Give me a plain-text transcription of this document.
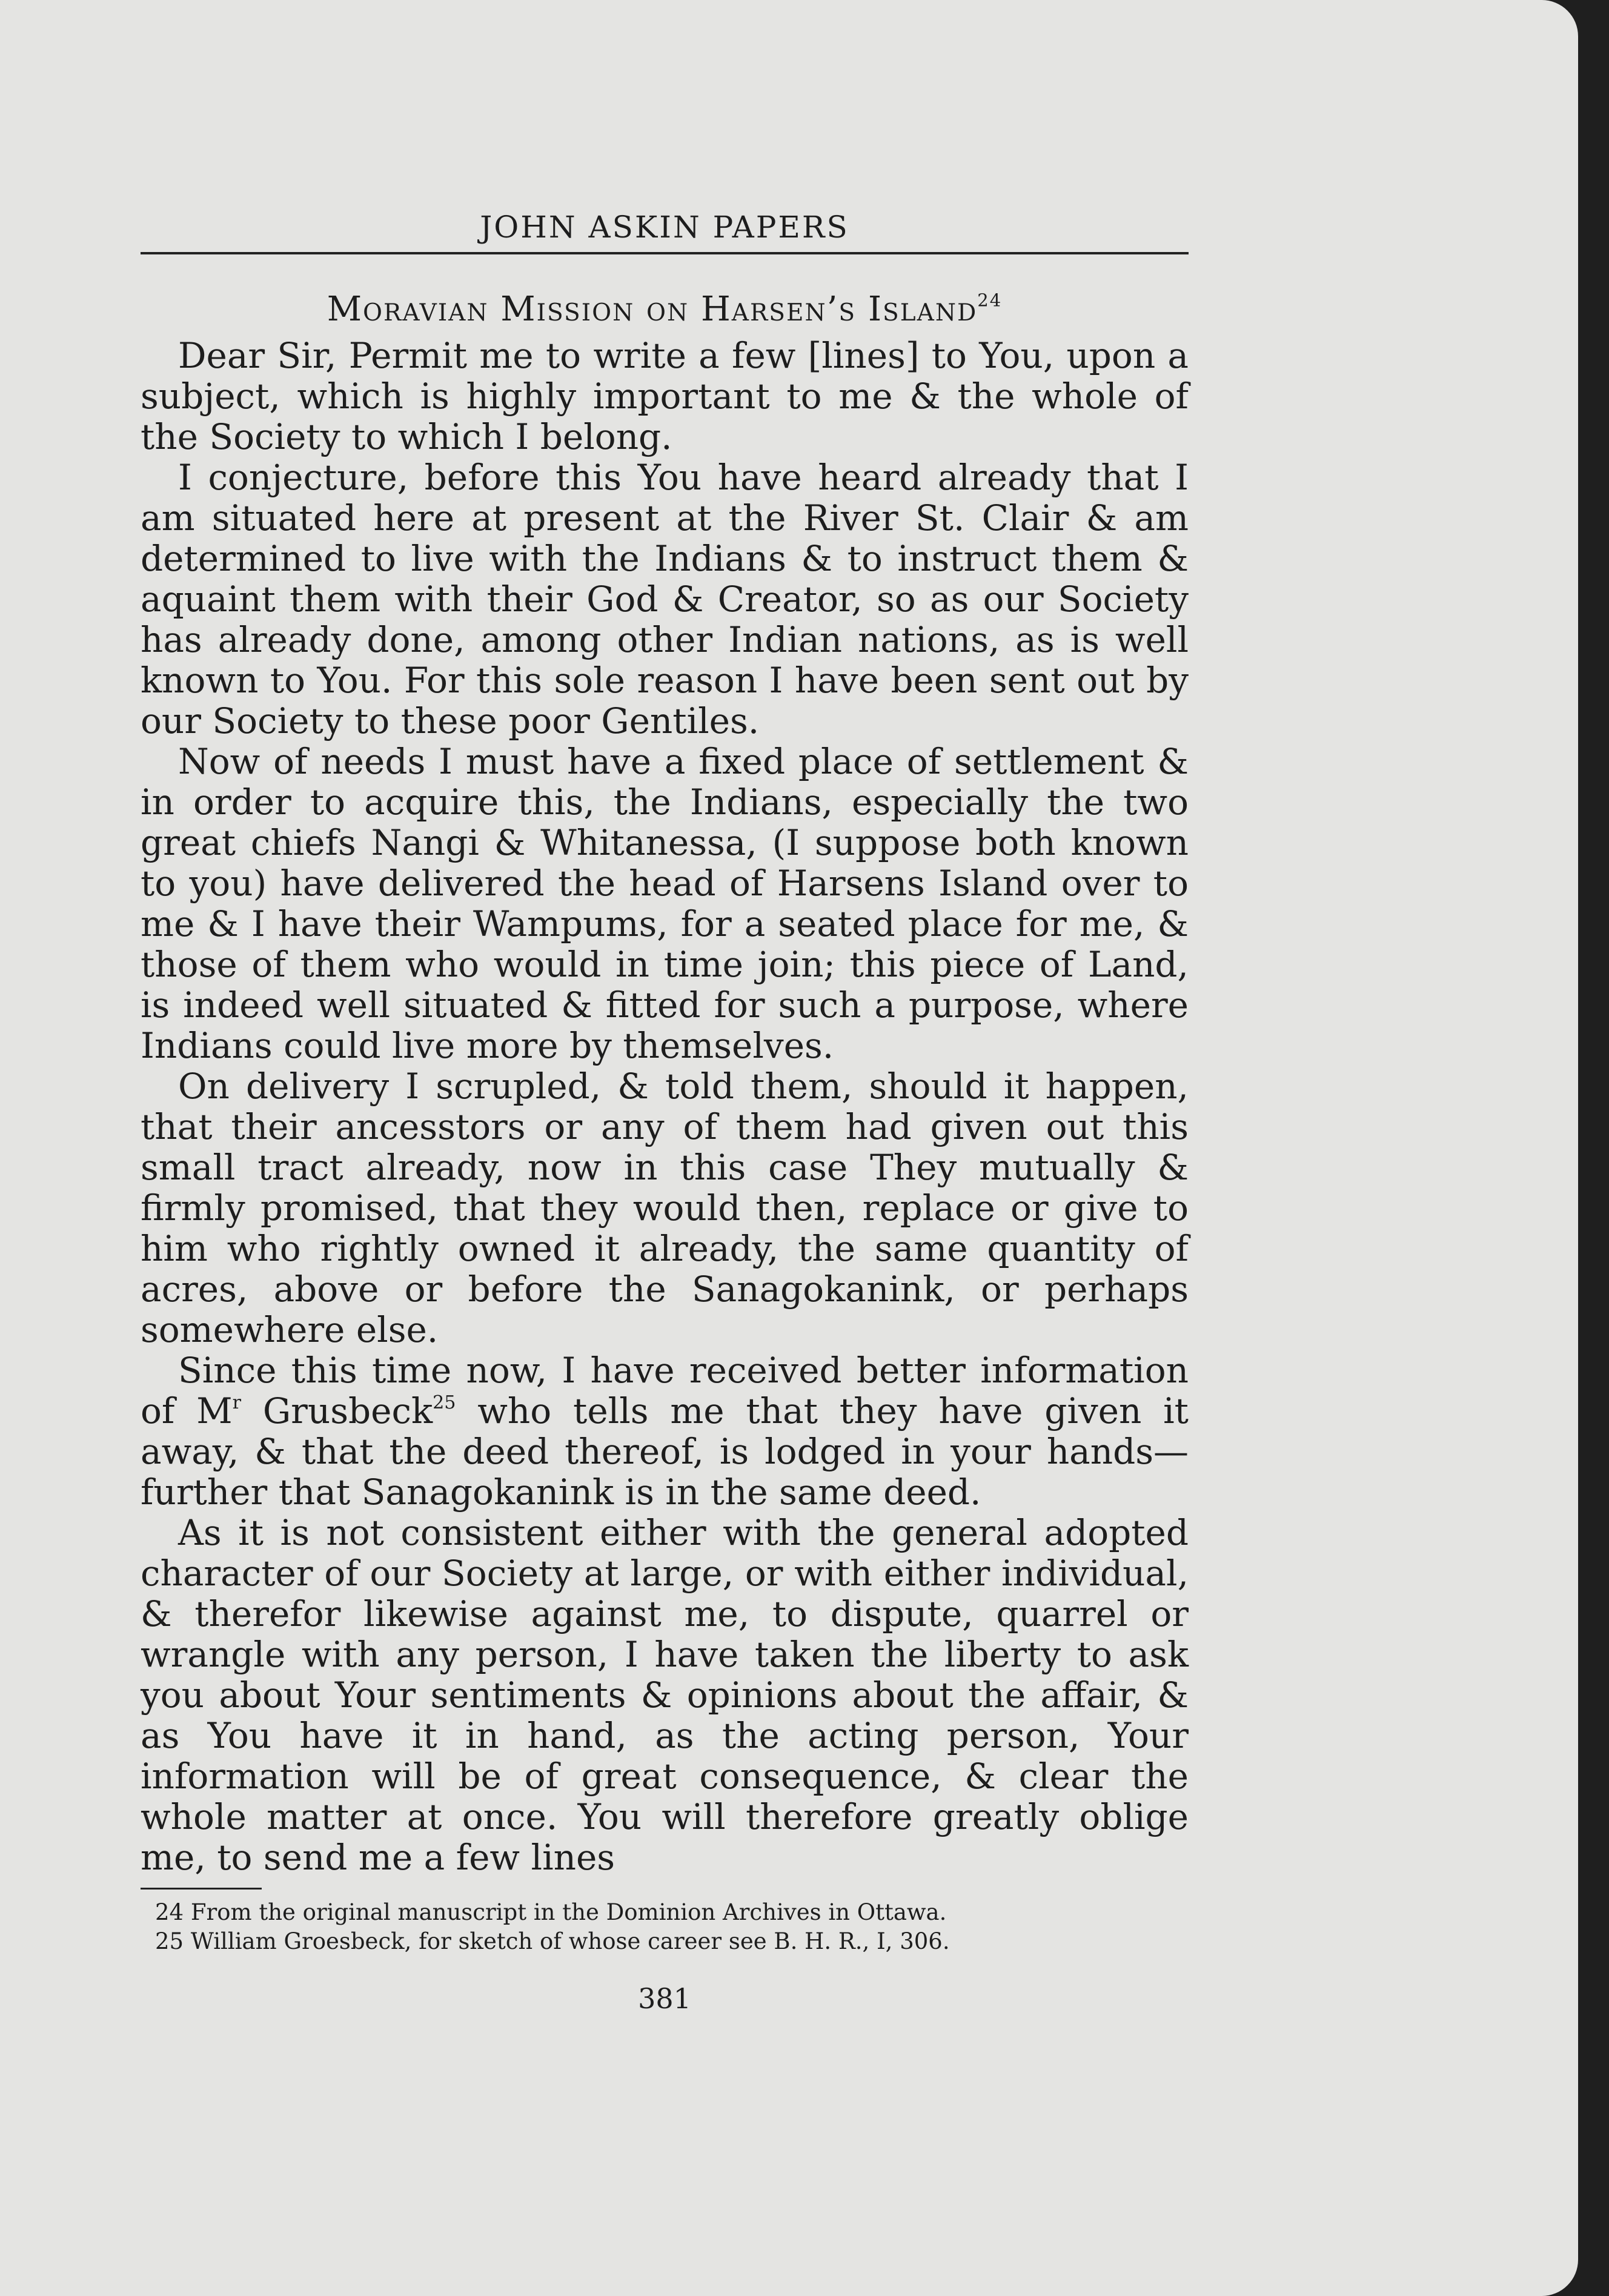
JOHN ASKIN PAPERS
Moravian Mission on Harsen’s Island$^{24}$

Dear Sir, Permit me to write a few [lines] to You, upon a subject, which is highly important to me & the whole of the Society to which I belong.

I conjecture, before this You have heard already that I am situated here at present at the River St. Clair & am determined to live with the Indians & to instruct them & aquaint them with their God & Creator, so as our Society has already done, among other Indian nations, as is well known to You. For this sole reason I have been sent out by our Society to these poor Gentiles.

Now of needs I must have a fixed place of settlement & in order to acquire this, the Indians, especially the two great chiefs Nangi & Whitanessa, (I suppose both known to you) have delivered the head of Harsens Island over to me & I have their Wampums, for a seated place for me, & those of them who would in time join; this piece of Land, is indeed well situated & fitted for such a purpose, where Indians could live more by themselves.

On delivery I scrupled, & told them, should it happen, that their ancesstors or any of them had given out this small tract already, now in this case They mutually & firmly promised, that they would then, replace or give to him who rightly owned it already, the same quantity of acres, above or before the Sanagokanink, or perhaps somewhere else.

Since this time now, I have received better information of $M^r$ Grusbeck$^{25}$ who tells me that they have given it away, & that the deed thereof, is lodged in your hands—further that Sanagokanink is in the same deed.

As it is not consistent either with the general adopted character of our Society at large, or with either individual, & therefor likewise against me, to dispute, quarrel or wrangle with any person, I have taken the liberty to ask you about Your sentiments & opinions about the affair, & as You have it in hand, as the acting person, Your information will be of great consequence, & clear the whole matter at once. You will therefore greatly oblige me, to send me a few lines

24 From the original manuscript in the Dominion Archives in Ottawa.

25 William Groesbeck, for sketch of whose career see B. H. R., I, 306.

381
